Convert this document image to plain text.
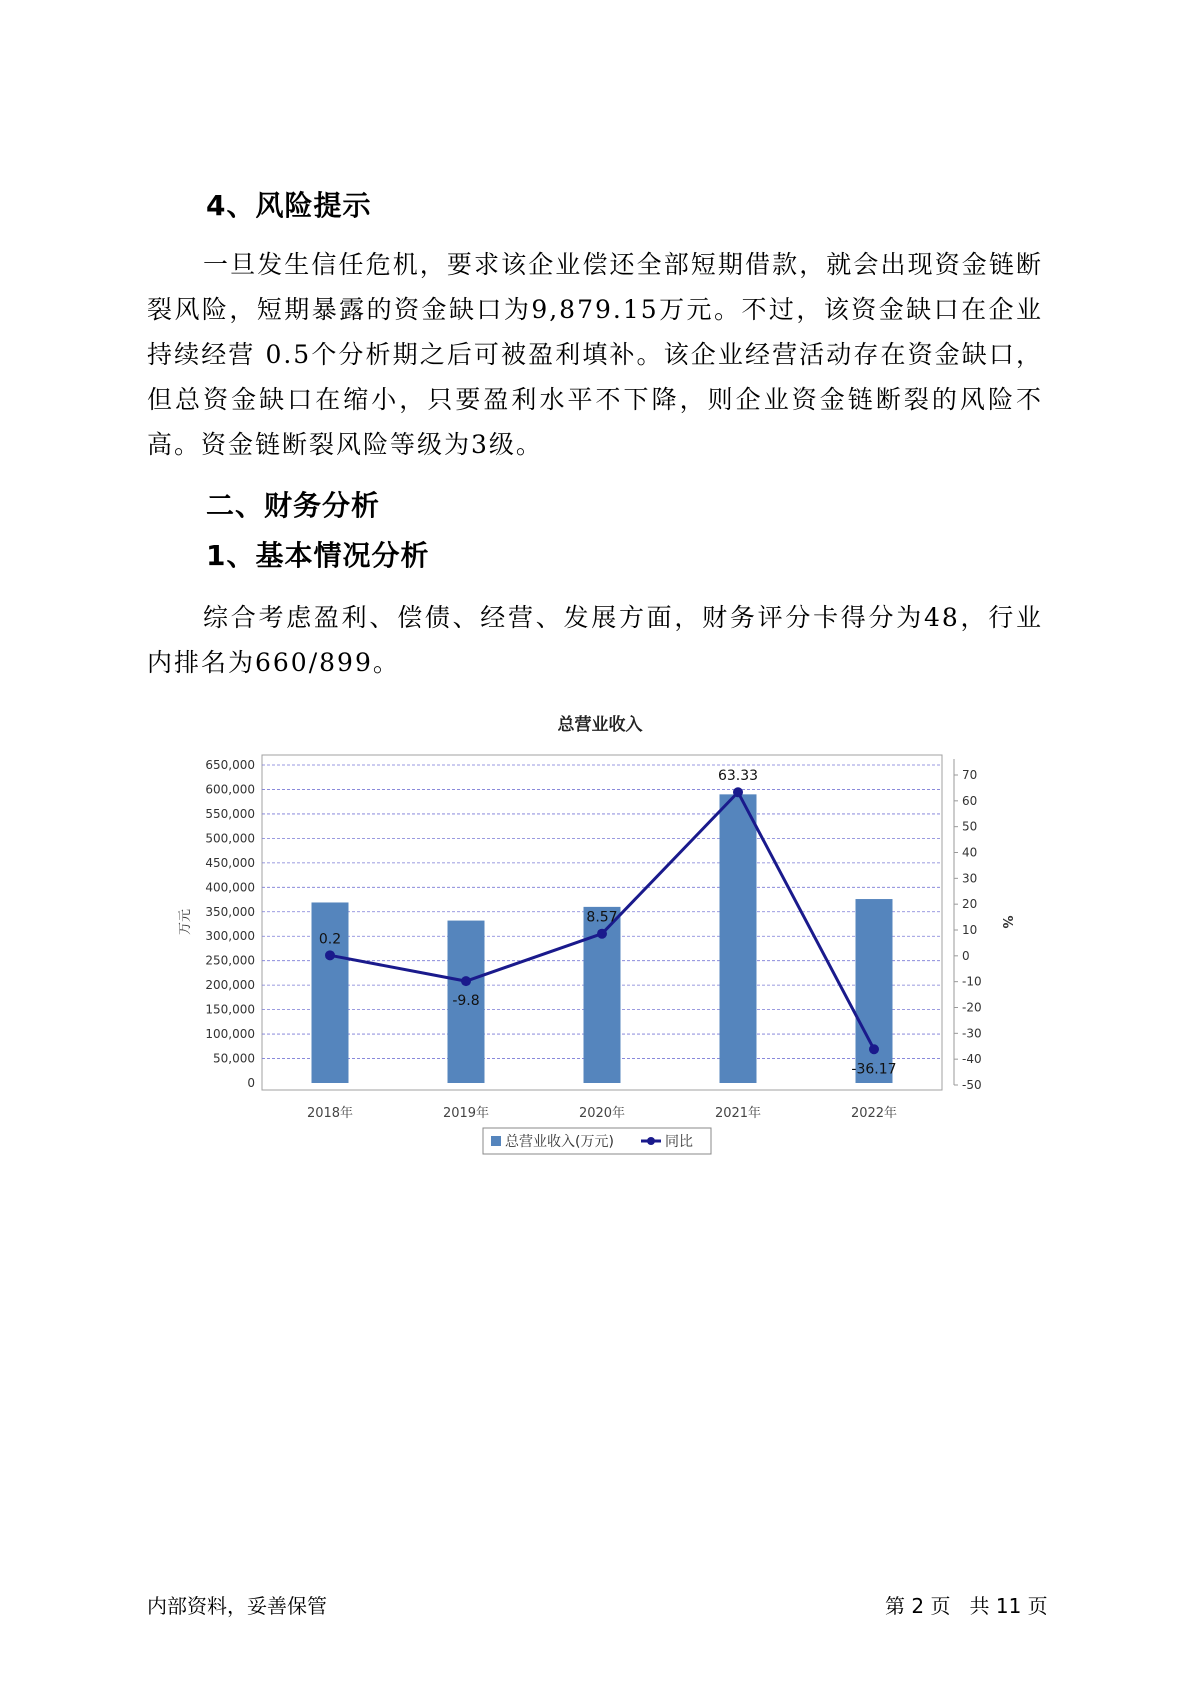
4、风险提示

一旦发生信任危机，要求该企业偿还全部短期借款，就会出现资金链断裂风险，短期暴露的资金缺口为9,879.15万元。不过，该资金缺口在企业持续经营 0.5个分析期之后可被盈利填补。该企业经营活动存在资金缺口，但总资金缺口在缩小，只要盈利水平不下降，则企业资金链断裂的风险不高。资金链断裂风险等级为3级。

二、财务分析
1、基本情况分析

综合考虑盈利、偿债、经营、发展方面，财务评分卡得分为48，行业内排名为660/899。

总营业收入
0
50,000
100,000
150,000
200,000
250,000
300,000
350,000
400,000
450,000
500,000
550,000
600,000
650,000
-50
-40
-30
-20
-10
0
10
20
30
40
50
60
70
2018年	2019年	2020年	2021年	2022年
0.2
-9.8
8.57
63.33
-36.17
万元	%
总营业收入(万元)	同比
内部资料，妥善保管	第 2 页   共 11 页
